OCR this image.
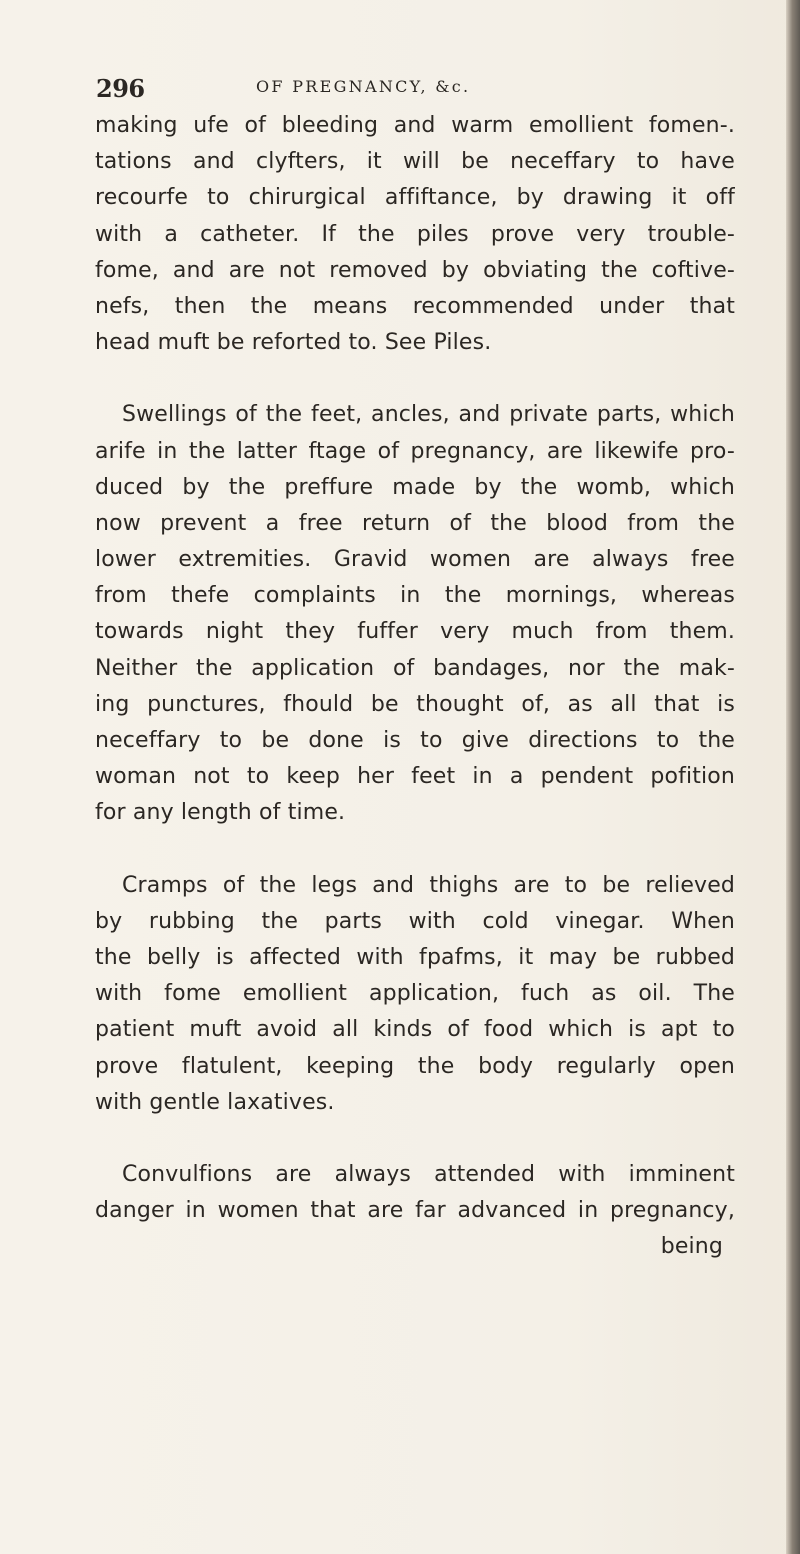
296	OF PREGNANCY, &c.
making ufe of bleeding and warm emollient fomen-.
tations and clyfters, it will be neceffary to have
recourfe to chirurgical affiftance, by drawing it off
with a catheter. If the piles prove very trouble-
fome, and are not removed by obviating the coftive-
nefs, then the means recommended under that
head muft be reforted to. See Piles.
Swellings of the feet, ancles, and private parts, which
arife in the latter ftage of pregnancy, are likewife pro-
duced by the preffure made by the womb, which
now prevent a free return of the blood from the
lower extremities. Gravid women are always free
from thefe complaints in the mornings, whereas
towards night they fuffer very much from them.
Neither the application of bandages, nor the mak-
ing punctures, fhould be thought of, as all that is
neceffary to be done is to give directions to the
woman not to keep her feet in a pendent pofition
for any length of time.
Cramps of the legs and thighs are to be relieved
by rubbing the parts with cold vinegar. When
the belly is affected with fpafms, it may be rubbed
with fome emollient application, fuch as oil. The
patient muft avoid all kinds of food which is apt to
prove flatulent, keeping the body regularly open
with gentle laxatives.
Convulfions are always attended with imminent
danger in women that are far advanced in pregnancy,
being
